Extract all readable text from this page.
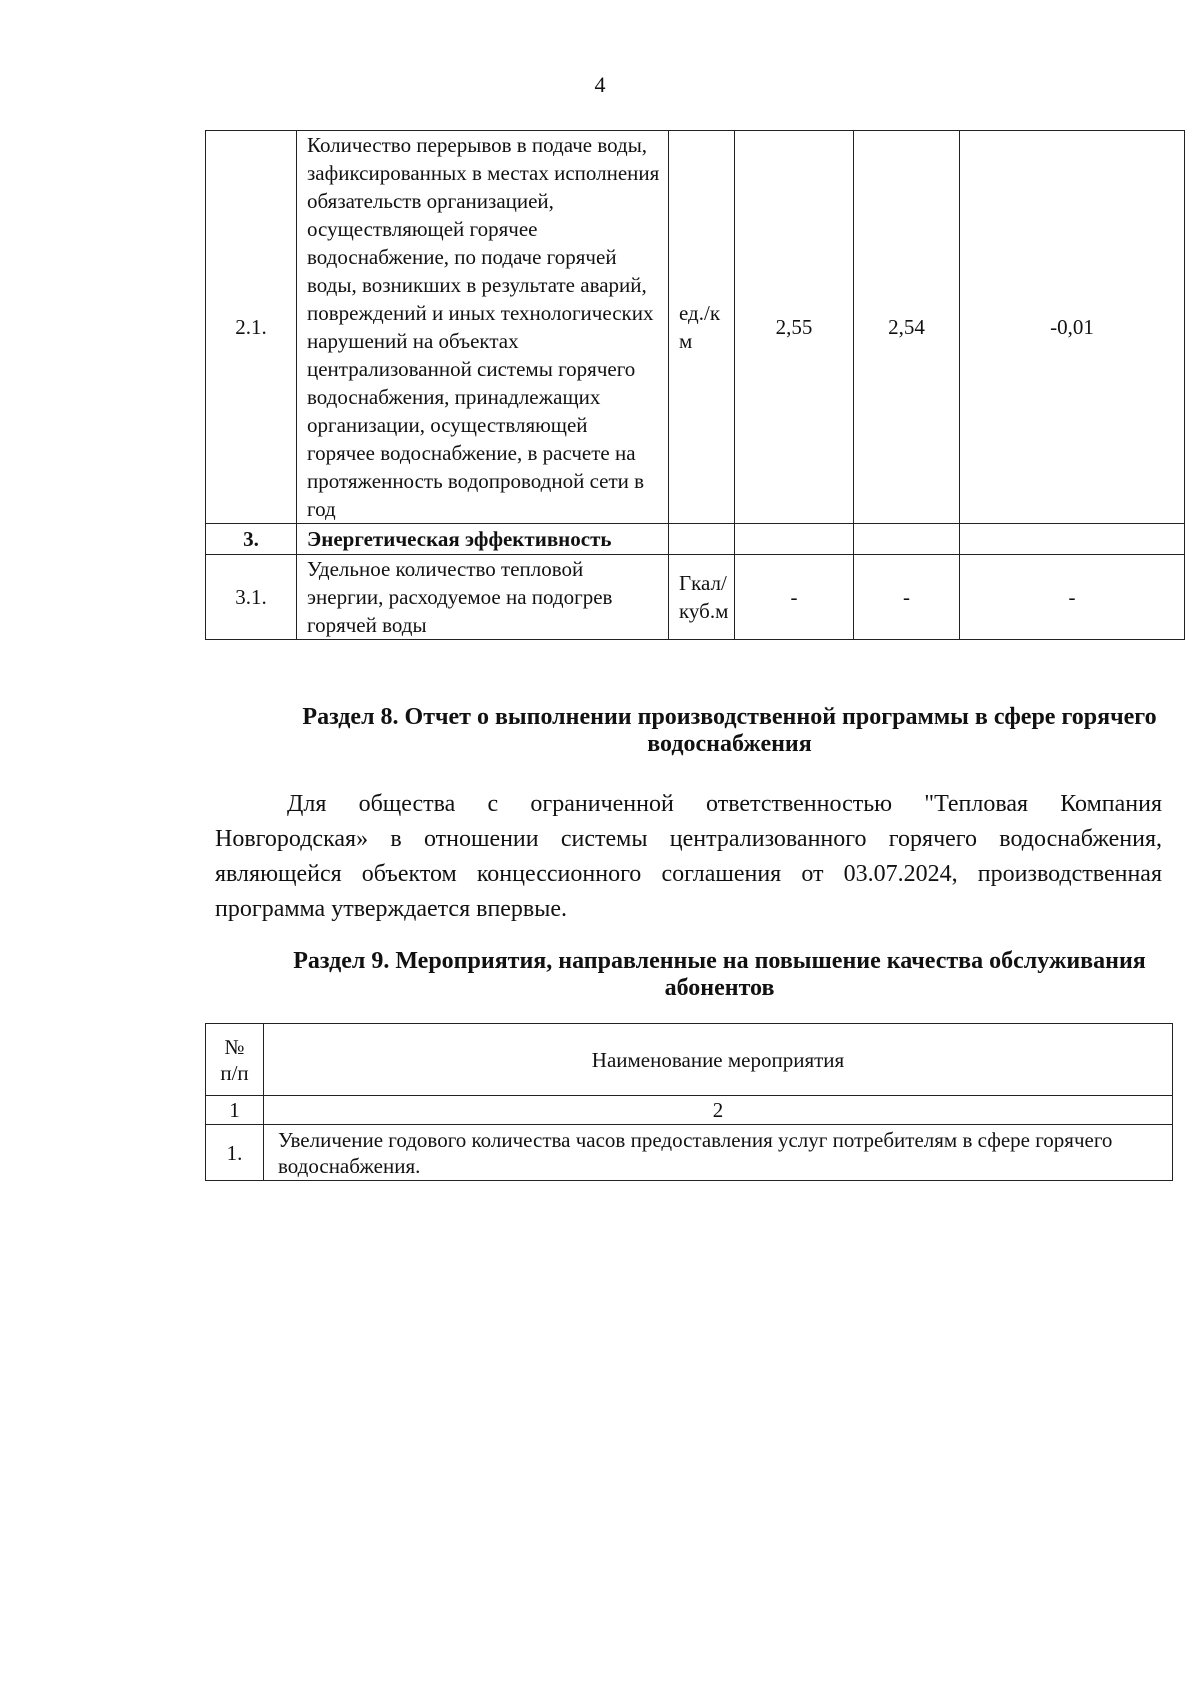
4
2.1.	Количество перерывов в подаче воды, зафиксированных в местах исполнения обязательств организацией, осуществляющей горячее водоснабжение, по подаче горячей воды, возникших в результате аварий, повреждений и иных технологических нарушений на объектах централизованной системы горячего водоснабжения, принадлежащих организации, осуществляющей горячее водоснабжение, в расчете на протяженность водопроводной сети в год	ед./км	2,55	2,54	-0,01
3.	Энергетическая эффективность				
3.1.	Удельное количество тепловой энергии, расходуемое на подогрев горячей воды	Гкал/куб.м	-	-	-
Раздел 8. Отчет о выполнении производственной программы в сфере горячего водоснабжения
Для общества с ограниченной ответственностью "Тепловая Компания Новгородская» в отношении системы централизованного горячего водоснабжения, являющейся объектом концессионного соглашения от 03.07.2024, производственная программа утверждается впервые.
Раздел 9. Мероприятия, направленные на повышение качества обслуживания абонентов
№ п/п	Наименование мероприятия
1	2
1.	Увеличение годового количества часов предоставления услуг потребителям в сфере горячего водоснабжения.
